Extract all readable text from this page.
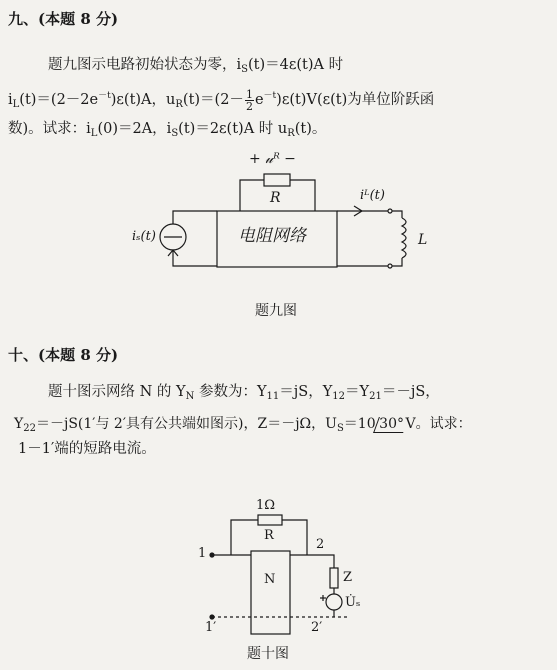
九、(本题 8 分)
题九图示电路初始状态为零，$i_S(t)=4\varepsilon(t)A$ 时
$i_L(t)=(2-2e^{-t})\varepsilon(t)A$，$u_R(t)=(2- \frac{1}{2} e^{-t})\varepsilon(t)V(\varepsilon(t)$为单位阶跃函
数)。试求：$i_L(0)=2A$，$i_S(t)=2\varepsilon(t)A$ 时 $u_R(t)$。
+ 𝓊ᴿ −
R
iₛ(t)
iᴸ(t)
电阻网络	L
题九图
十、(本题 8 分)
题十图示网络 N 的 $Y_N$ 参数为：$Y_{11}=jS$，$Y_{12}=Y_{21}=-jS$，
$Y_{22}=-jS(1'$与 2′具有公共端如图示)，Z＝－jΩ，$U_S=10$ 30° V。试求：
1－1′端的短路电流。
1Ω
R
N	Z
U̇ₛ
1
2
1′	2′
题十图
